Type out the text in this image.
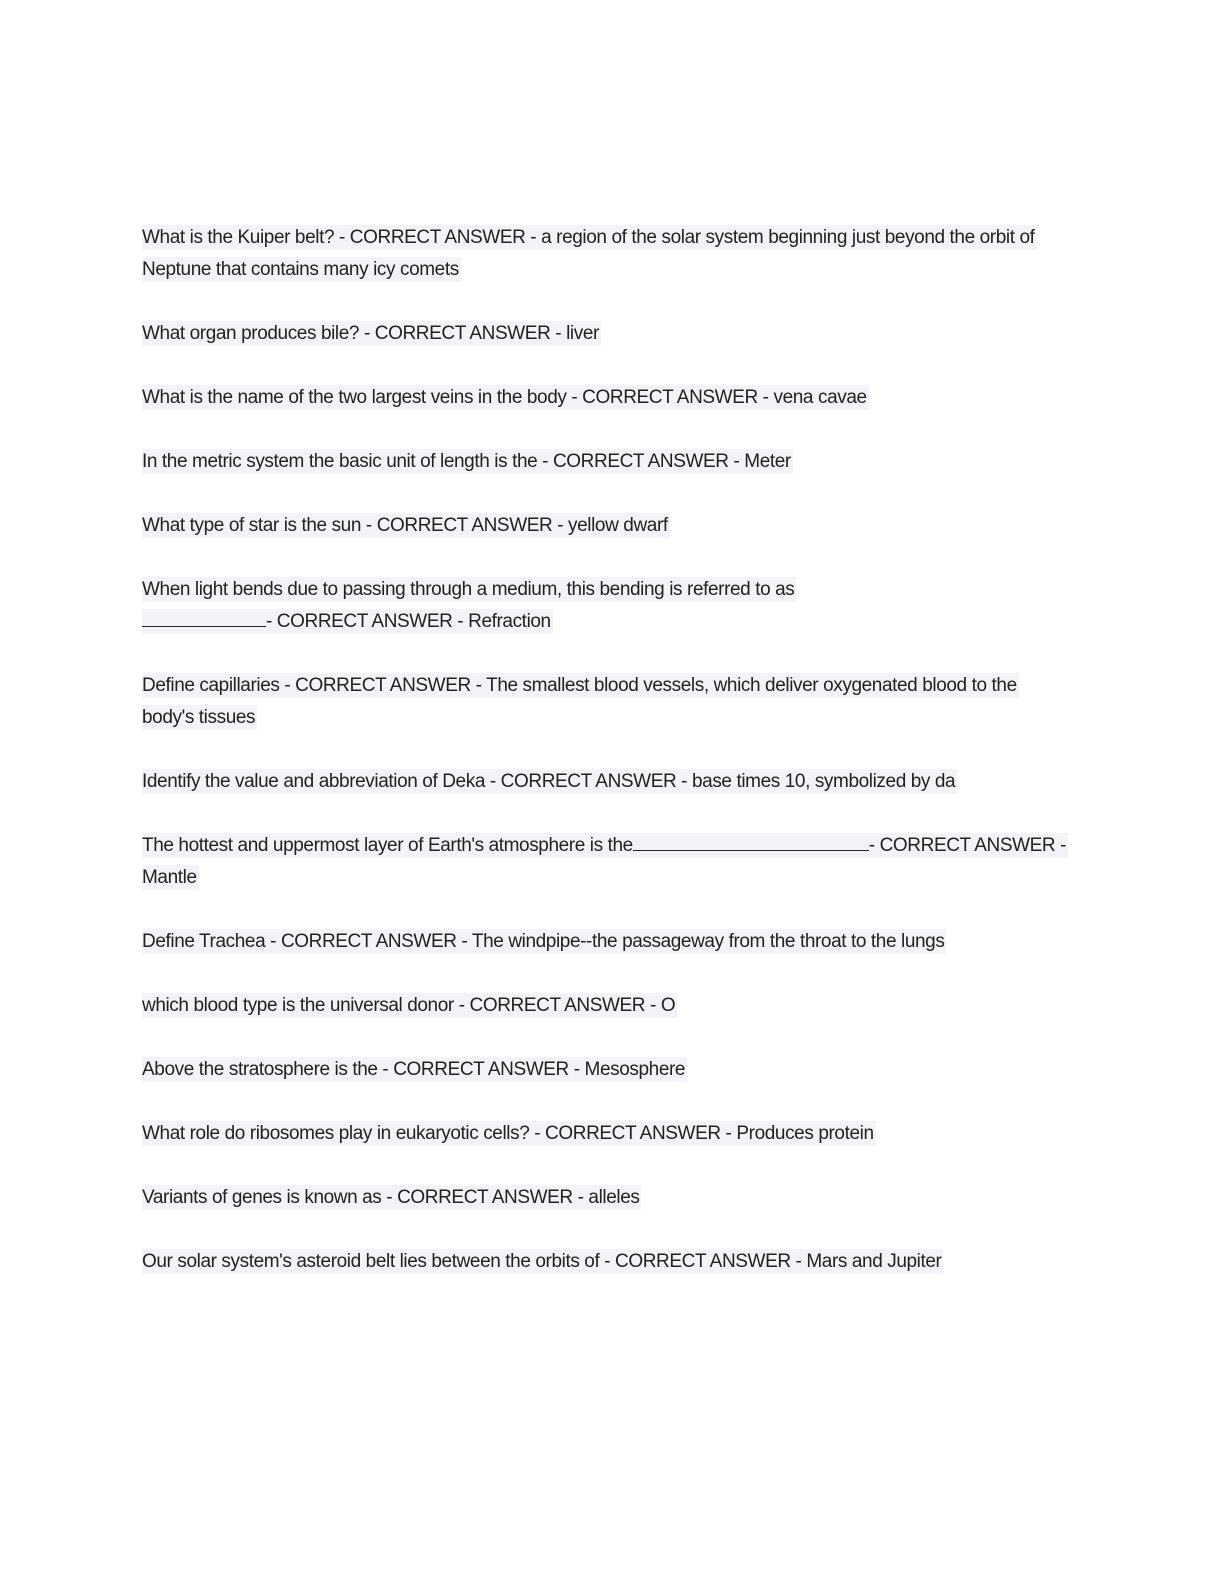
What is the Kuiper belt? - CORRECT ANSWER - a region of the solar system beginning just beyond the orbit of Neptune that contains many icy comets

What organ produces bile? - CORRECT ANSWER - liver

What is the name of the two largest veins in the body - CORRECT ANSWER - vena cavae

In the metric system the basic unit of length is the - CORRECT ANSWER - Meter

What type of star is the sun - CORRECT ANSWER - yellow dwarf

When light bends due to passing through a medium, this bending is referred to as
- CORRECT ANSWER - Refraction

Define capillaries - CORRECT ANSWER - The smallest blood vessels, which deliver oxygenated blood to the body's tissues

Identify the value and abbreviation of Deka - CORRECT ANSWER - base times 10, symbolized by da

The hottest and uppermost layer of Earth's atmosphere is the	- CORRECT ANSWER - Mantle

Define Trachea - CORRECT ANSWER - The windpipe--the passageway from the throat to the lungs

which blood type is the universal donor - CORRECT ANSWER - O

Above the stratosphere is the - CORRECT ANSWER - Mesosphere

What role do ribosomes play in eukaryotic cells? - CORRECT ANSWER - Produces protein

Variants of genes is known as - CORRECT ANSWER - alleles

Our solar system's asteroid belt lies between the orbits of - CORRECT ANSWER - Mars and Jupiter
